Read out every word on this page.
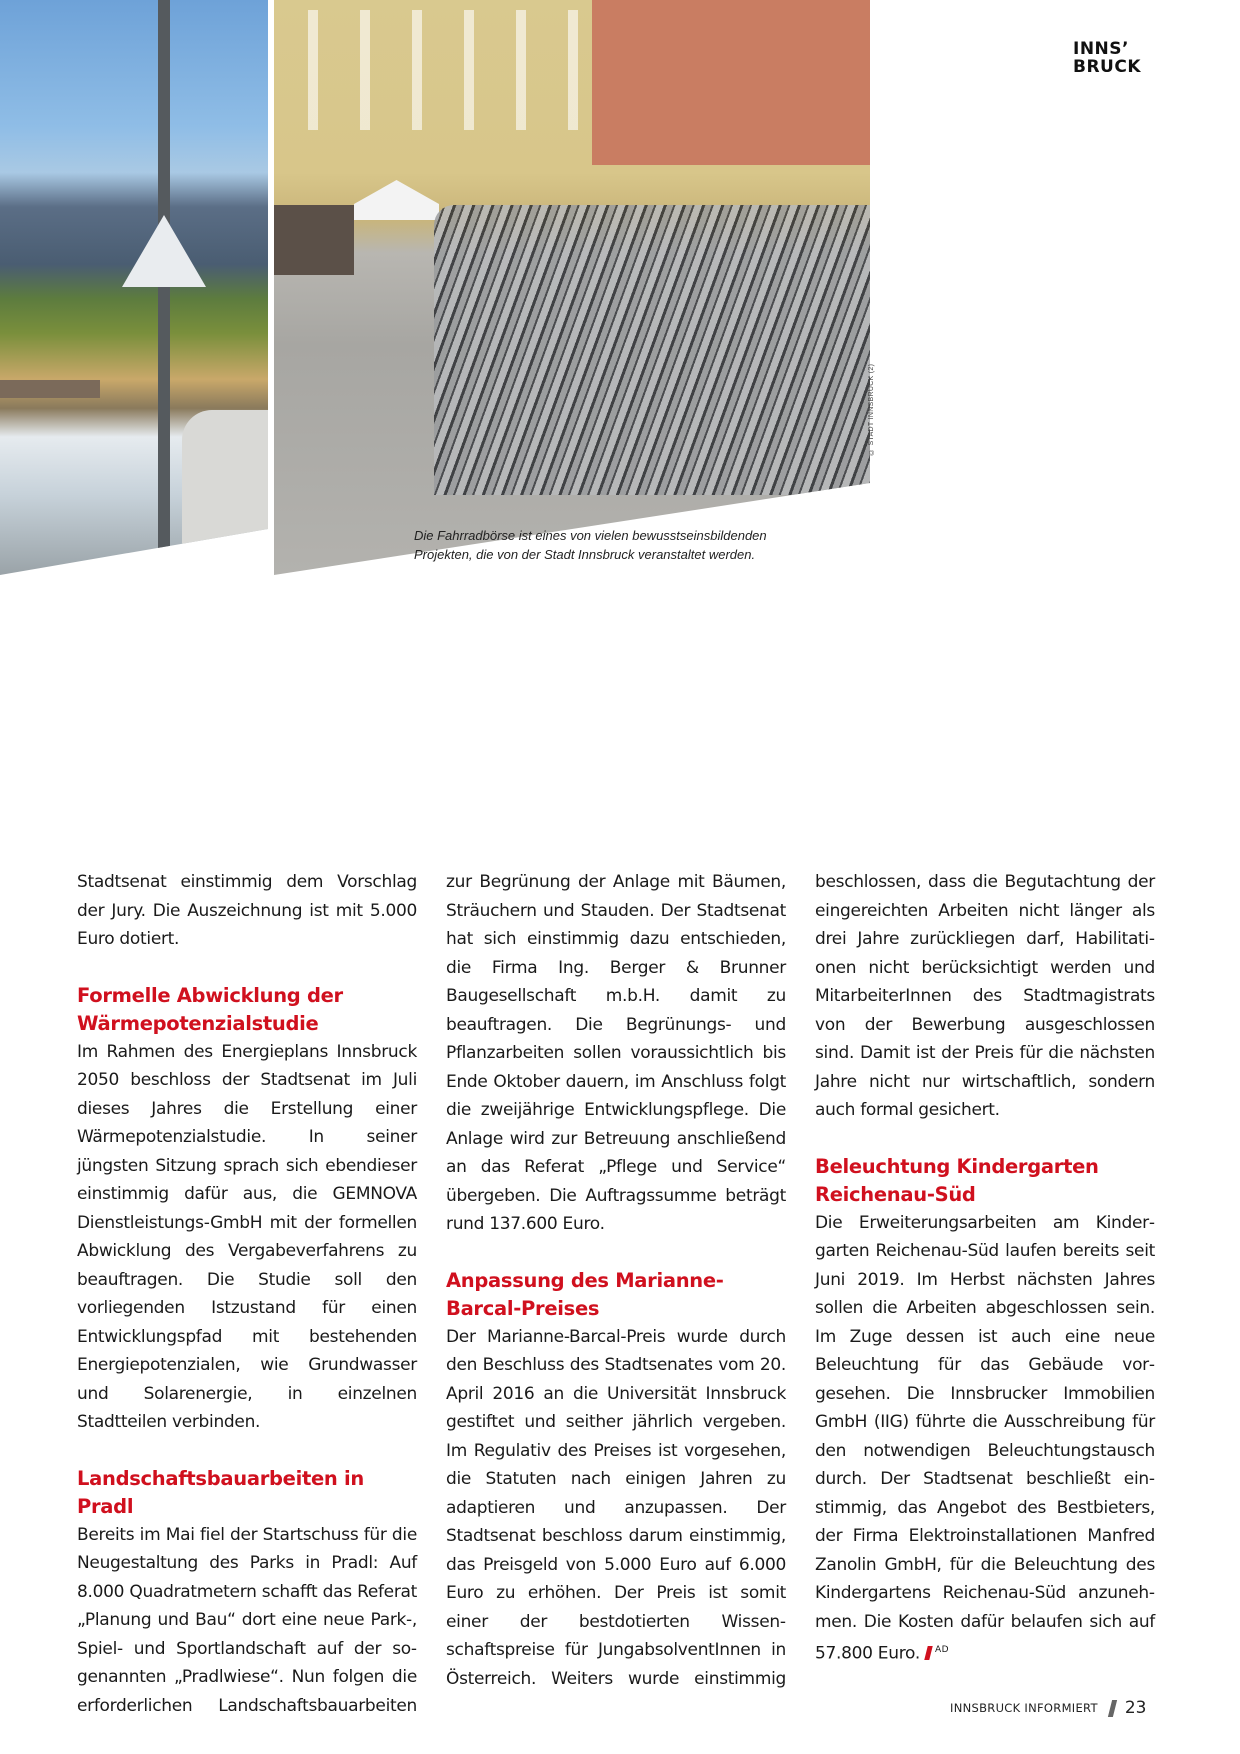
INNS’
BRUCK
© STADT INNSBRUCK (2)
Die Fahrradbörse ist eines von vielen bewusstseinsbildenden
Projekten, die von der Stadt Innsbruck veranstaltet werden.

Stadtsenat einstimmig dem Vorschlag der Jury. Die Auszeichnung ist mit 5.000 Euro dotiert.

Formelle Abwicklung der Wärmepotenzialstudie

Im Rahmen des Energieplans Innsbruck 2050 beschloss der Stadtsenat im Juli dieses Jahres die Erstellung einer Wärmepotenzialstudie. In seiner jüngsten Sitzung sprach sich ebendieser einstimmig dafür aus, die GEMNOVA Dienstleistungs-GmbH mit der formellen Abwicklung des Vergabeverfahrens zu beauftragen. Die Studie soll den vorliegenden Istzustand für einen Entwicklungspfad mit bestehenden Energiepotenzialen, wie Grundwasser und Solarenergie, in einzelnen Stadtteilen verbinden.

Landschaftsbauarbeiten in Pradl

Bereits im Mai fiel der Startschuss für die Neugestaltung des Parks in Pradl: Auf 8.000 Quadratmetern schafft das Referat „Planung und Bau“ dort eine neue Park-, Spiel- und Sportlandschaft auf der sogenannten „Pradlwiese“. Nun folgen die erforderlichen Landschaftsbauarbeiten

zur Begrünung der Anlage mit Bäumen, Sträuchern und Stauden. Der Stadtsenat hat sich einstimmig dazu entschieden, die Firma Ing. Berger & Brunner Baugesellschaft m.b.H. damit zu beauftragen. Die Begrünungs- und Pflanzarbeiten sollen voraussichtlich bis Ende Oktober dauern, im Anschluss folgt die zweijährige Entwicklungspflege. Die Anlage wird zur Betreuung anschließend an das Referat „Pflege und Service“ übergeben. Die Auftragssumme beträgt rund 137.600 Euro.

Anpassung des Marianne-Barcal-Preises

Der Marianne-Barcal-Preis wurde durch den Beschluss des Stadtsenates vom 20. April 2016 an die Universität Innsbruck gestiftet und seither jährlich vergeben. Im Regulativ des Preises ist vorgesehen, die Statuten nach einigen Jahren zu adaptieren und anzupassen. Der Stadtsenat beschloss darum einstimmig, das Preisgeld von 5.000 Euro auf 6.000 Euro zu erhöhen. Der Preis ist somit einer der bestdotierten Wissenschaftspreise für JungabsolventInnen in Österreich. Weiters wurde einstimmig

beschlossen, dass die Begutachtung der eingereichten Arbeiten nicht länger als drei Jahre zurückliegen darf, Habilitationen nicht berücksichtigt werden und MitarbeiterInnen des Stadtmagistrats von der Bewerbung ausgeschlossen sind. Damit ist der Preis für die nächsten Jahre nicht nur wirtschaftlich, sondern auch formal gesichert.

Beleuchtung Kindergarten Reichenau-Süd

Die Erweiterungsarbeiten am Kindergarten Reichenau-Süd laufen bereits seit Juni 2019. Im Herbst nächsten Jahres sollen die Arbeiten abgeschlossen sein. Im Zuge dessen ist auch eine neue Beleuchtung für das Gebäude vorgesehen. Die Innsbrucker Immobilien GmbH (IIG) führte die Ausschreibung für den notwendigen Beleuchtungstausch durch. Der Stadtsenat beschließt einstimmig, das Angebot des Bestbieters, der Firma Elektroinstallationen Manfred Zanolin GmbH, für die Beleuchtung des Kindergartens Reichenau-Süd anzunehmen. Die Kosten dafür belaufen sich auf 57.800 Euro. $^{AD}$

INNSBRUCK INFORMIERT 23
